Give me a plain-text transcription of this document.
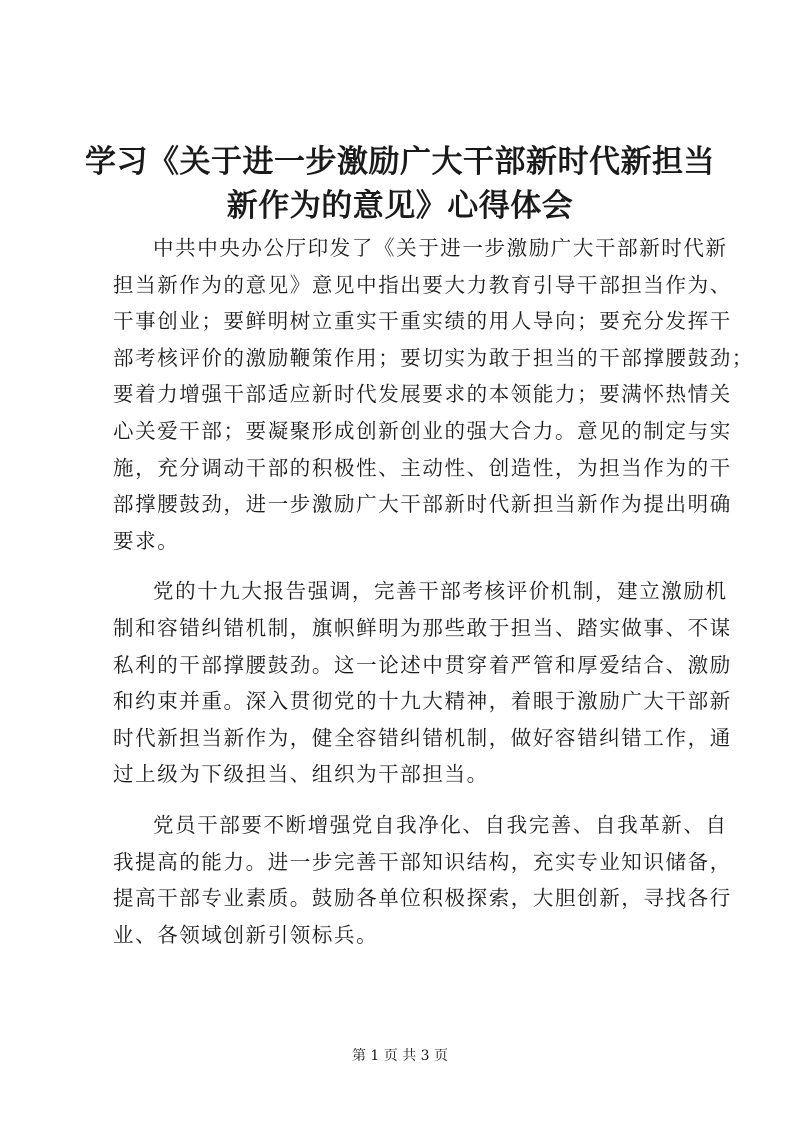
学习《关于进一步激励广大干部新时代新担当
新作为的意见》心得体会
中共中央办公厅印发了《关于进一步激励广大干部新时代新
担当新作为的意见》意见中指出要大力教育引导干部担当作为、
干事创业；要鲜明树立重实干重实绩的用人导向；要充分发挥干
部考核评价的激励鞭策作用；要切实为敢于担当的干部撑腰鼓劲；
要着力增强干部适应新时代发展要求的本领能力；要满怀热情关
心关爱干部；要凝聚形成创新创业的强大合力。意见的制定与实
施，充分调动干部的积极性、主动性、创造性，为担当作为的干
部撑腰鼓劲，进一步激励广大干部新时代新担当新作为提出明确
要求。
党的十九大报告强调，完善干部考核评价机制，建立激励机
制和容错纠错机制，旗帜鲜明为那些敢于担当、踏实做事、不谋
私利的干部撑腰鼓劲。这一论述中贯穿着严管和厚爱结合、激励
和约束并重。深入贯彻党的十九大精神，着眼于激励广大干部新
时代新担当新作为，健全容错纠错机制，做好容错纠错工作，通
过上级为下级担当、组织为干部担当。
党员干部要不断增强党自我净化、自我完善、自我革新、自
我提高的能力。进一步完善干部知识结构，充实专业知识储备，
提高干部专业素质。鼓励各单位积极探索，大胆创新，寻找各行
业、各领域创新引领标兵。
第 1 页 共 3 页
